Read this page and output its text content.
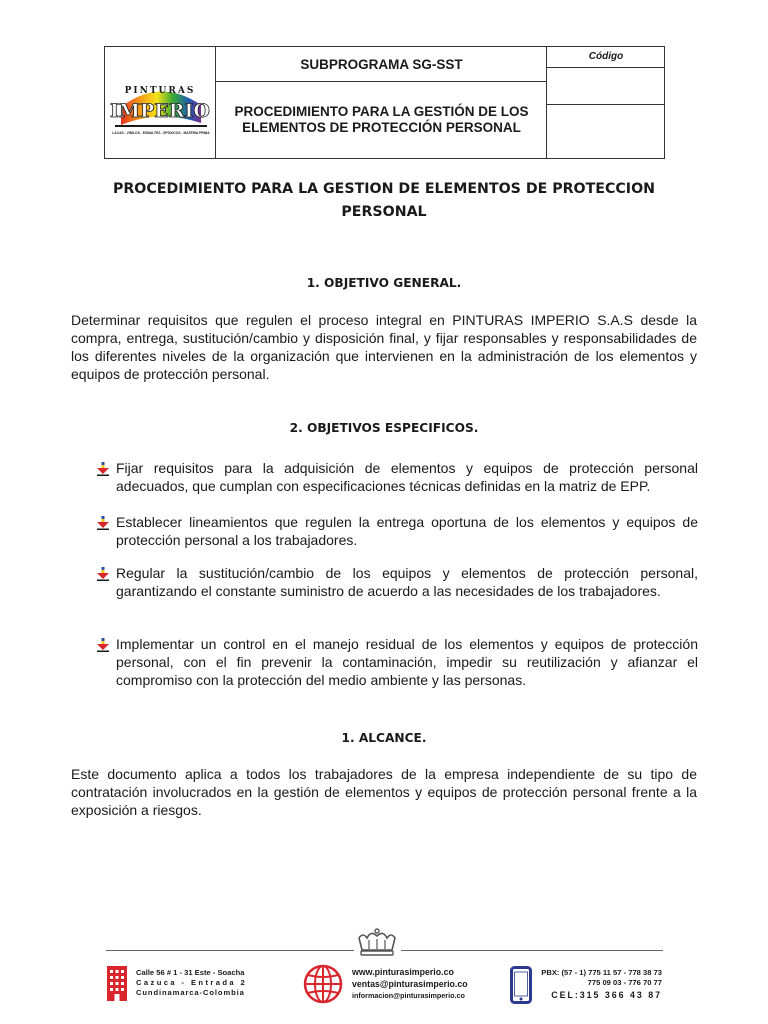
PINTURAS
IMPERIO
LACAS - VINILOS - ESMALTES - EPÓXICOS - MATERIA PRIMA
SUBPROGRAMA SG-SST
PROCEDIMIENTO PARA LA GESTIÓN DE LOS ELEMENTOS DE PROTECCIÓN PERSONAL
Código
PROCEDIMIENTO PARA LA GESTION DE ELEMENTOS DE PROTECCION PERSONAL
1. OBJETIVO GENERAL.
Determinar requisitos que regulen el proceso integral en PINTURAS IMPERIO S.A.S desde la compra, entrega, sustitución/cambio y disposición final, y fijar responsables y responsabilidades de los diferentes niveles de la organización que intervienen en la administración de los elementos y equipos de protección personal.
2. OBJETIVOS ESPECIFICOS.
Fijar requisitos para la adquisición de elementos y equipos de protección personal adecuados, que cumplan con especificaciones técnicas definidas en la matriz de EPP.
Establecer lineamientos que regulen la entrega oportuna de los elementos y equipos de protección personal a los trabajadores.
Regular la sustitución/cambio de los equipos y elementos de protección personal, garantizando el constante suministro de acuerdo a las necesidades de los trabajadores.
Implementar un control en el manejo residual de los elementos y equipos de protección personal, con el fin prevenir la contaminación, impedir su reutilización y afianzar el compromiso con la protección del medio ambiente y las personas.
1. ALCANCE.
Este documento aplica a todos los trabajadores de la empresa independiente de su tipo de contratación involucrados en la gestión de elementos y equipos de protección personal frente a la exposición a riesgos.
Calle 56 # 1 - 31 Este - Soacha
Cazuca - Entrada 2
Cundinamarca-Colombia
www.pinturasimperio.co
ventas@pinturasimperio.co
informacion@pinturasimperio.co
PBX: (57 - 1) 775 11 57 - 778 38 73
775 09 03 - 776 70 77
CEL:315 366 43 87
